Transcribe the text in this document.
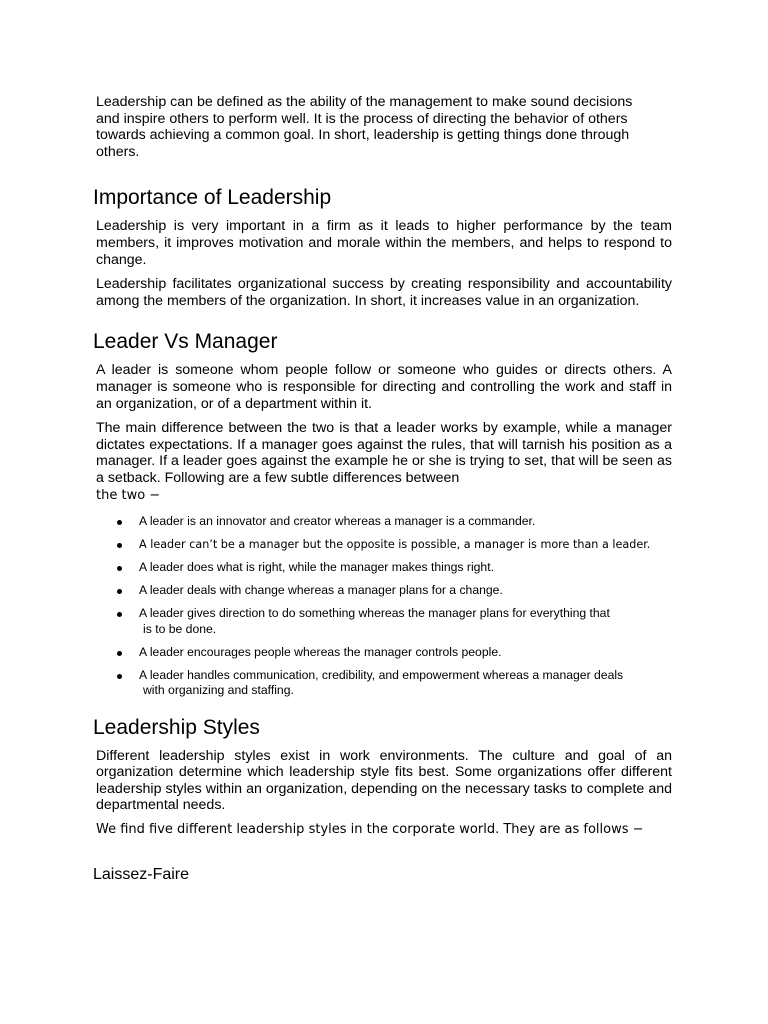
Leadership can be defined as the ability of the management to make sound decisions
and inspire others to perform well. It is the process of directing the behavior of others
towards achieving a common goal. In short, leadership is getting things done through
others.

Importance of Leadership

Leadership is very important in a firm as it leads to higher performance by the team members, it improves motivation and morale within the members, and helps to respond to change.

Leadership facilitates organizational success by creating responsibility and accountability among the members of the organization. In short, it increases value in an organization.

Leader Vs Manager

A leader is someone whom people follow or someone who guides or directs others. A manager is someone who is responsible for directing and controlling the work and staff in an organization, or of a department within it.

The main difference between the two is that a leader works by example, while a manager dictates expectations. If a manager goes against the rules, that will tarnish his position as a manager. If a leader goes against the example he or she is trying to set, that will be seen as a setback. Following are a few subtle differences between
the two −

A leader is an innovator and creator whereas a manager is a commander.
A leader can’t be a manager but the opposite is possible, a manager is more than a leader.
A leader does what is right, while the manager makes things right.
A leader deals with change whereas a manager plans for a change.
A leader gives direction to do something whereas the manager plans for everything that
is to be done.
A leader encourages people whereas the manager controls people.
A leader handles communication, credibility, and empowerment whereas a manager deals
with organizing and staffing.
Leadership Styles

Different leadership styles exist in work environments. The culture and goal of an organization determine which leadership style fits best. Some organizations offer different leadership styles within an organization, depending on the necessary tasks to complete and departmental needs.

We find five different leadership styles in the corporate world. They are as follows −

Laissez-Faire
